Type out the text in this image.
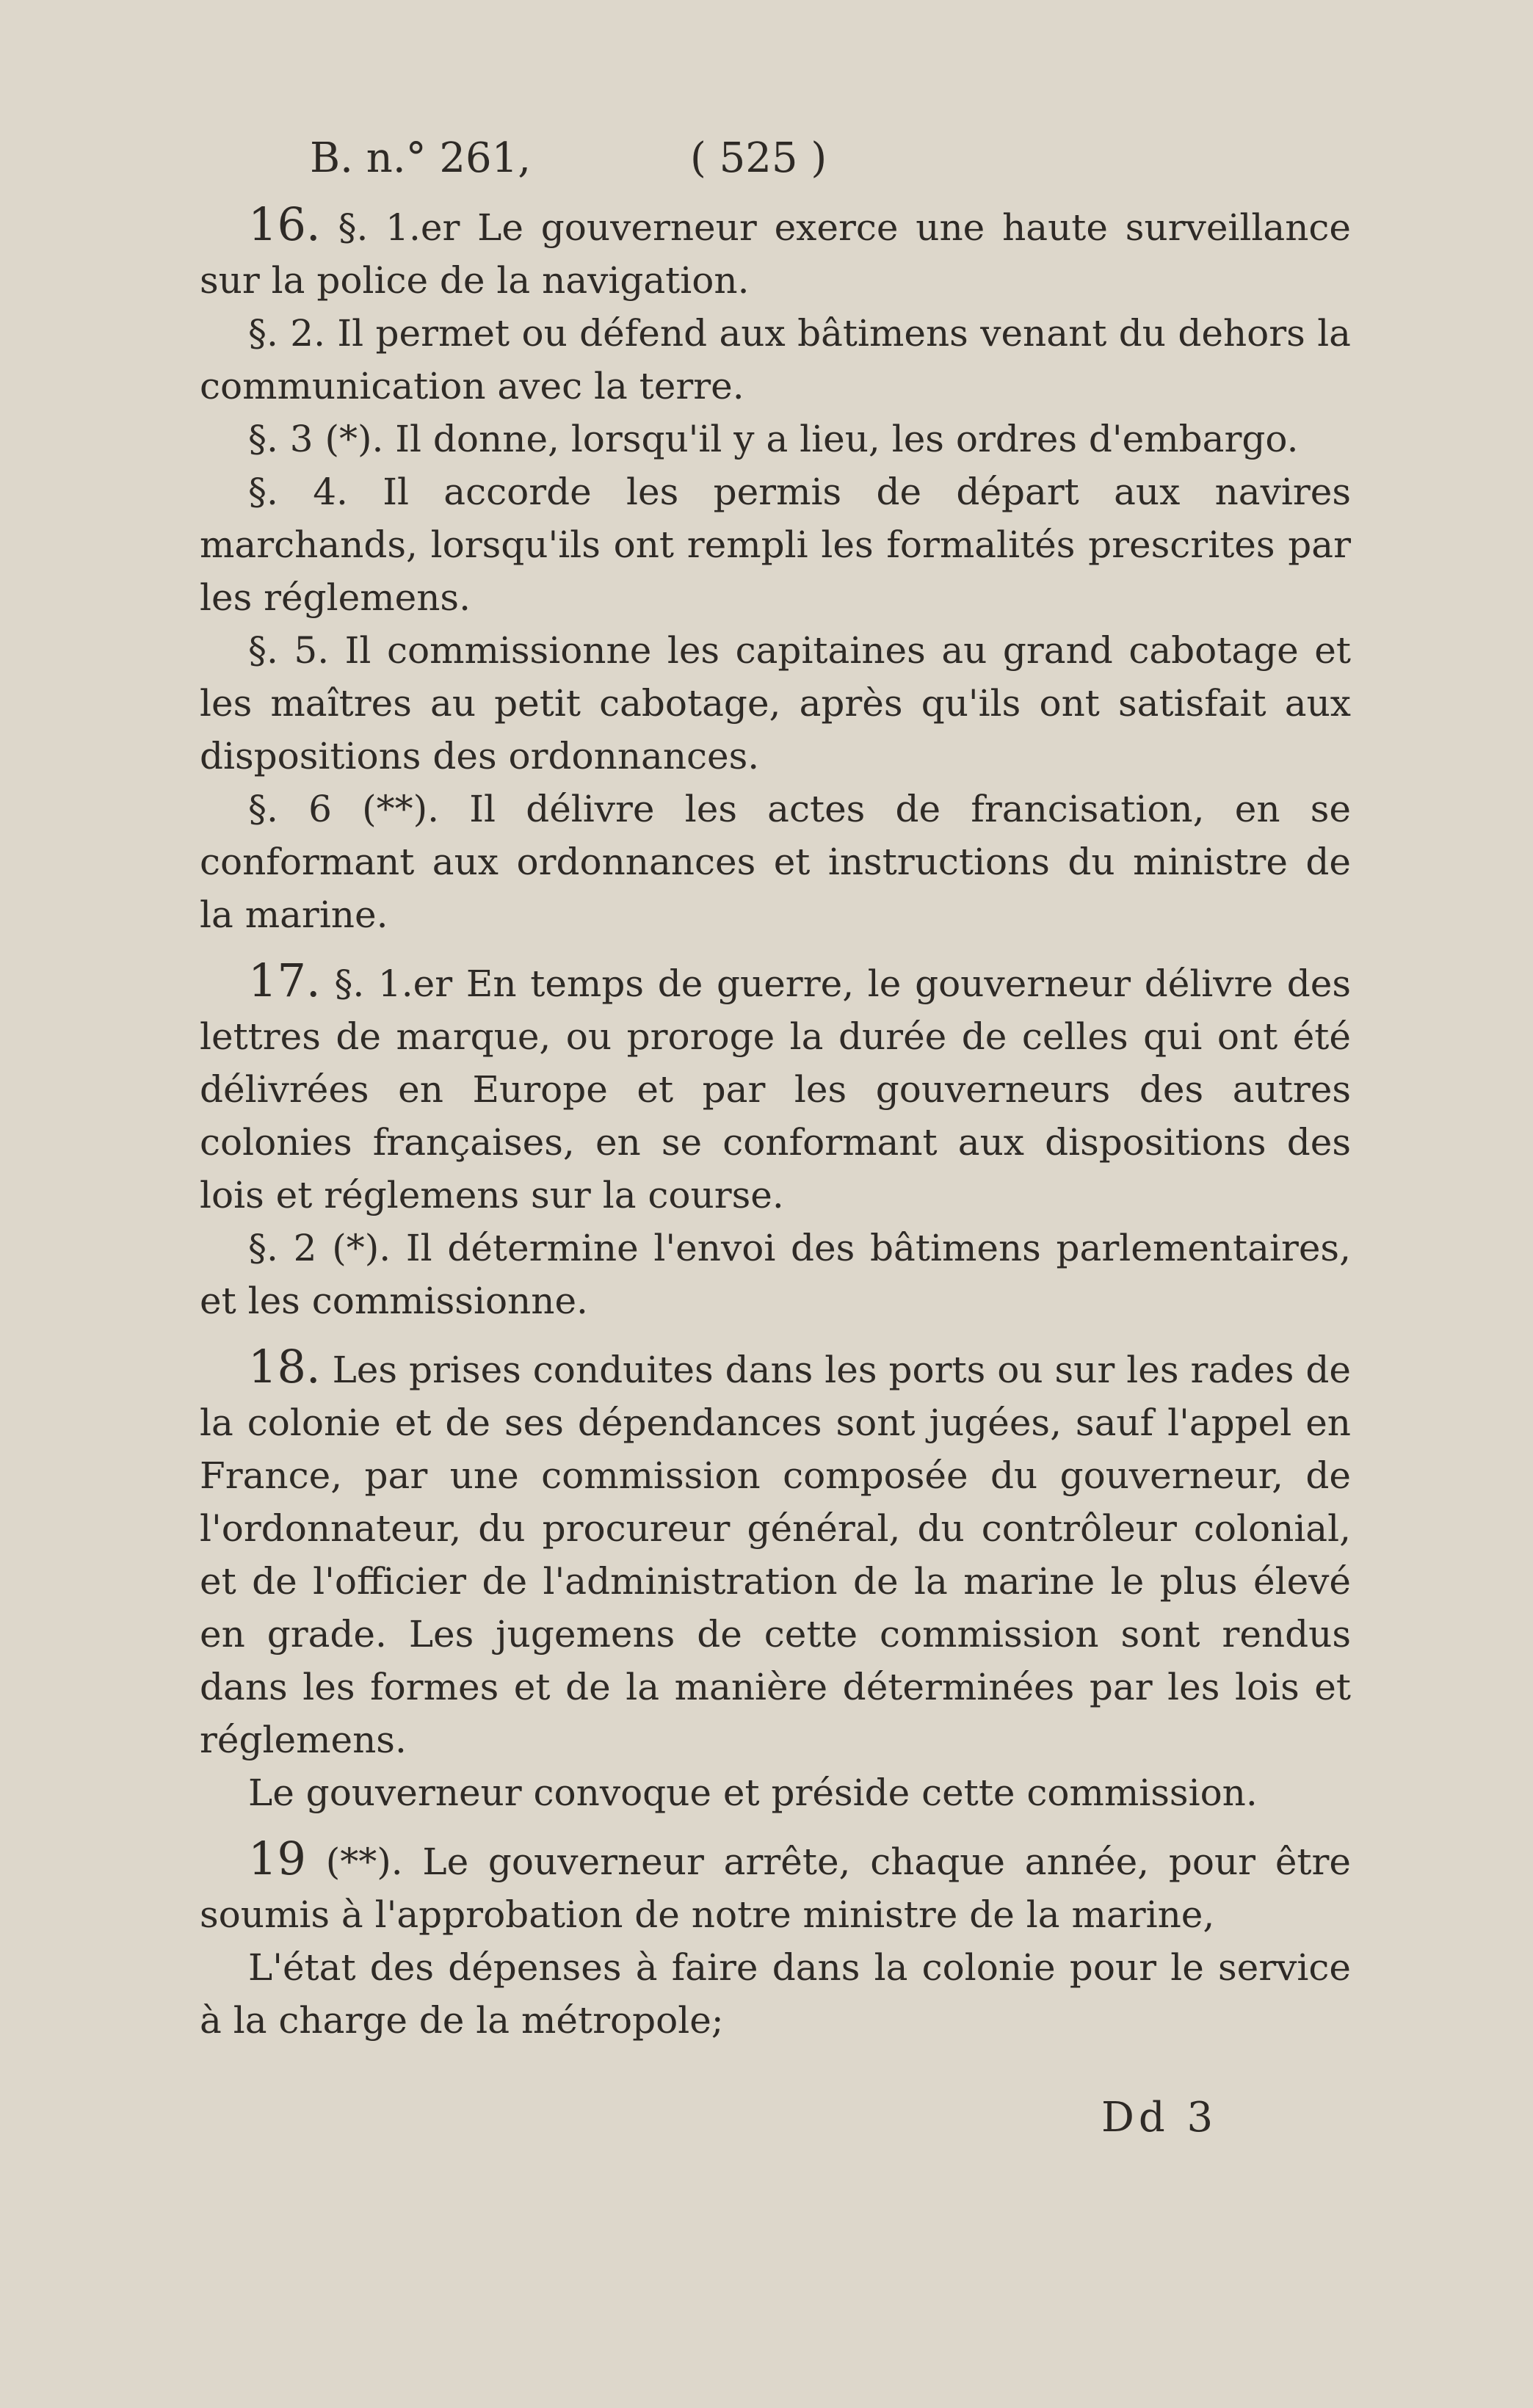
B. n.° 261,	( 525 )

16. §. 1.er Le gouverneur exerce une haute surveillance sur la police de la navigation.

§. 2. Il permet ou défend aux bâtimens venant du dehors la communication avec la terre.

§. 3 (*). Il donne, lorsqu'il y a lieu, les ordres d'embargo.

§. 4. Il accorde les permis de départ aux navires marchands, lorsqu'ils ont rempli les formalités prescrites par les réglemens.

§. 5. Il commissionne les capitaines au grand cabotage et les maîtres au petit cabotage, après qu'ils ont satisfait aux dispositions des ordonnances.

§. 6 (**). Il délivre les actes de francisation, en se conformant aux ordonnances et instructions du ministre de la marine.

17. §. 1.er En temps de guerre, le gouverneur délivre des lettres de marque, ou proroge la durée de celles qui ont été délivrées en Europe et par les gouverneurs des autres colonies françaises, en se conformant aux dispositions des lois et réglemens sur la course.

§. 2 (*). Il détermine l'envoi des bâtimens parlementaires, et les commissionne.

18. Les prises conduites dans les ports ou sur les rades de la colonie et de ses dépendances sont jugées, sauf l'appel en France, par une commission composée du gouverneur, de l'ordonnateur, du procureur général, du contrôleur colonial, et de l'officier de l'administration de la marine le plus élevé en grade. Les jugemens de cette commission sont rendus dans les formes et de la manière déterminées par les lois et réglemens.

Le gouverneur convoque et préside cette commission.

19 (**). Le gouverneur arrête, chaque année, pour être soumis à l'approbation de notre ministre de la marine,

L'état des dépenses à faire dans la colonie pour le service à la charge de la métropole;

Dd 3
